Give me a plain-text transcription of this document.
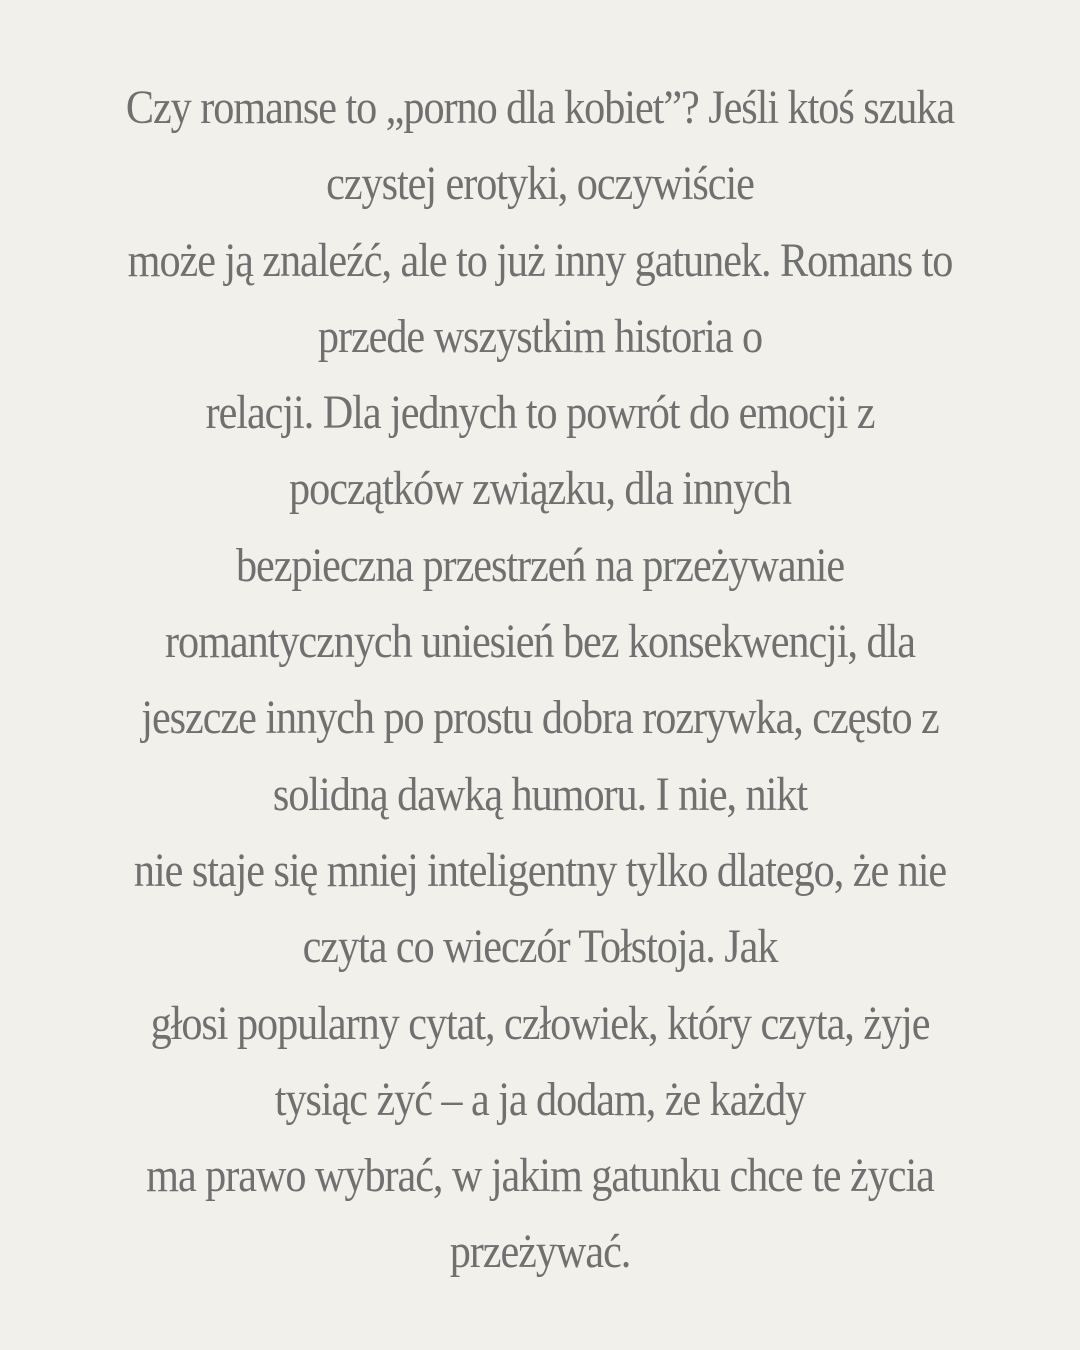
Czy romanse to „porno dla kobiet”? Jeśli ktoś szuka
czystej erotyki, oczywiście
może ją znaleźć, ale to już inny gatunek. Romans to
przede wszystkim historia o
relacji. Dla jednych to powrót do emocji z
początków związku, dla innych
bezpieczna przestrzeń na przeżywanie
romantycznych uniesień bez konsekwencji, dla
jeszcze innych po prostu dobra rozrywka, często z
solidną dawką humoru. I nie, nikt
nie staje się mniej inteligentny tylko dlatego, że nie
czyta co wieczór Tołstoja. Jak
głosi popularny cytat, człowiek, który czyta, żyje
tysiąc żyć – a ja dodam, że każdy
ma prawo wybrać, w jakim gatunku chce te życia
przeżywać.
